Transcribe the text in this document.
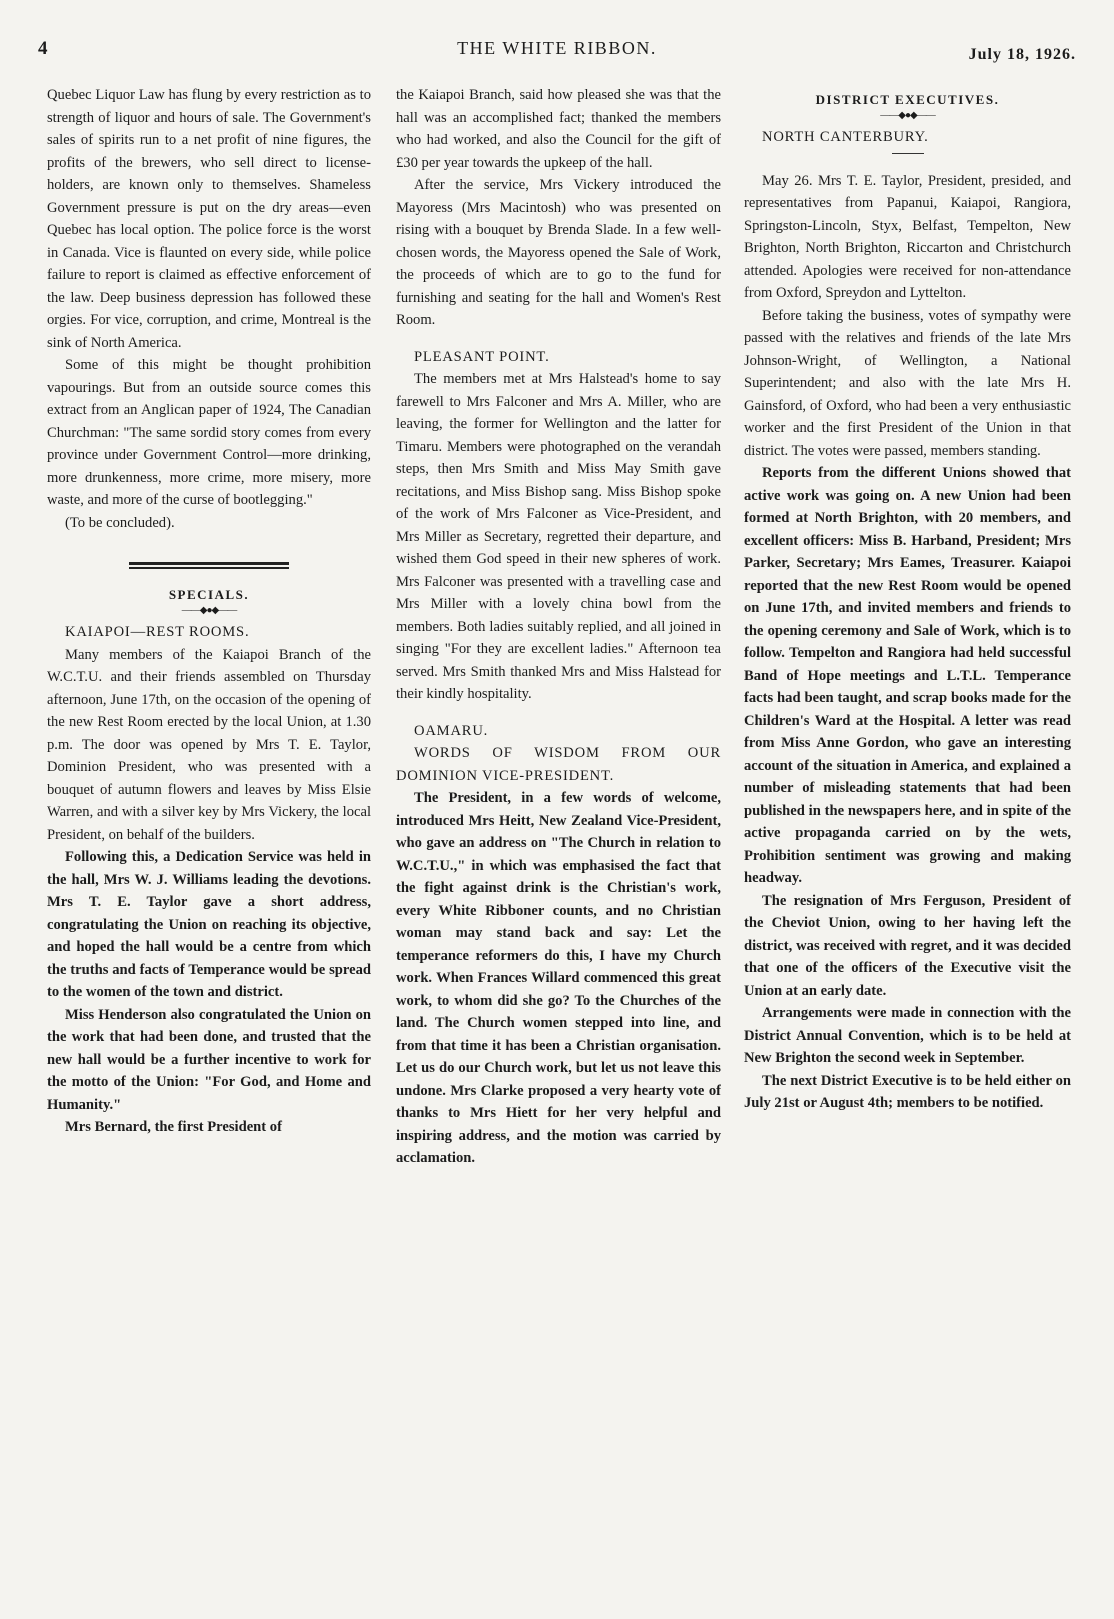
4	THE WHITE RIBBON.	July 18, 1926.

Quebec Liquor Law has flung by every restriction as to strength of liquor and hours of sale. The Government's sales of spirits run to a net profit of nine figures, the profits of the brewers, who sell direct to license-holders, are known only to themselves. Shameless Government pressure is put on the dry areas—even Quebec has local option. The police force is the worst in Canada. Vice is flaunted on every side, while police failure to report is claimed as effective enforcement of the law. Deep business depression has followed these orgies. For vice, corruption, and crime, Montreal is the sink of North America.

Some of this might be thought prohibition vapourings. But from an outside source comes this extract from an Anglican paper of 1924, The Canadian Churchman: "The same sordid story comes from every province under Government Control—more drinking, more drunkenness, more crime, more misery, more waste, and more of the curse of bootlegging."

(To be concluded).

SPECIALS.
——◆●◆——

KAIAPOI—REST ROOMS.

Many members of the Kaiapoi Branch of the W.C.T.U. and their friends assembled on Thursday afternoon, June 17th, on the occasion of the opening of the new Rest Room erected by the local Union, at 1.30 p.m. The door was opened by Mrs T. E. Taylor, Dominion President, who was presented with a bouquet of autumn flowers and leaves by Miss Elsie Warren, and with a silver key by Mrs Vickery, the local President, on behalf of the builders.

Following this, a Dedication Service was held in the hall, Mrs W. J. Williams leading the devotions. Mrs T. E. Taylor gave a short address, congratulating the Union on reaching its objective, and hoped the hall would be a centre from which the truths and facts of Temperance would be spread to the women of the town and district.

Miss Henderson also congratulated the Union on the work that had been done, and trusted that the new hall would be a further incentive to work for the motto of the Union: "For God, and Home and Humanity."

Mrs Bernard, the first President of

the Kaiapoi Branch, said how pleased she was that the hall was an accomplished fact; thanked the members who had worked, and also the Council for the gift of £30 per year towards the upkeep of the hall.

After the service, Mrs Vickery introduced the Mayoress (Mrs Macintosh) who was presented on rising with a bouquet by Brenda Slade. In a few well-chosen words, the Mayoress opened the Sale of Work, the proceeds of which are to go to the fund for furnishing and seating for the hall and Women's Rest Room.

PLEASANT POINT.

The members met at Mrs Halstead's home to say farewell to Mrs Falconer and Mrs A. Miller, who are leaving, the former for Wellington and the latter for Timaru. Members were photographed on the verandah steps, then Mrs Smith and Miss May Smith gave recitations, and Miss Bishop sang. Miss Bishop spoke of the work of Mrs Falconer as Vice-President, and Mrs Miller as Secretary, regretted their departure, and wished them God speed in their new spheres of work. Mrs Falconer was presented with a travelling case and Mrs Miller with a lovely china bowl from the members. Both ladies suitably replied, and all joined in singing "For they are excellent ladies." Afternoon tea served. Mrs Smith thanked Mrs and Miss Halstead for their kindly hospitality.

OAMARU.

WORDS OF WISDOM FROM OUR DOMINION VICE-PRESIDENT.

The President, in a few words of welcome, introduced Mrs Heitt, New Zealand Vice-President, who gave an address on "The Church in relation to W.C.T.U.," in which was emphasised the fact that the fight against drink is the Christian's work, every White Ribboner counts, and no Christian woman may stand back and say: Let the temperance reformers do this, I have my Church work. When Frances Willard commenced this great work, to whom did she go? To the Churches of the land. The Church women stepped into line, and from that time it has been a Christian organisation. Let us do our Church work, but let us not leave this undone. Mrs Clarke proposed a very hearty vote of thanks to Mrs Hiett for her very helpful and inspiring address, and the motion was carried by acclamation.

DISTRICT EXECUTIVES.
——◆●◆——

NORTH CANTERBURY.

May 26. Mrs T. E. Taylor, President, presided, and representatives from Papanui, Kaiapoi, Rangiora, Springston-Lincoln, Styx, Belfast, Tempelton, New Brighton, North Brighton, Riccarton and Christchurch attended. Apologies were received for non-attendance from Oxford, Spreydon and Lyttelton.

Before taking the business, votes of sympathy were passed with the relatives and friends of the late Mrs Johnson-Wright, of Wellington, a National Superintendent; and also with the late Mrs H. Gainsford, of Oxford, who had been a very enthusiastic worker and the first President of the Union in that district. The votes were passed, members standing.

Reports from the different Unions showed that active work was going on. A new Union had been formed at North Brighton, with 20 members, and excellent officers: Miss B. Harband, President; Mrs Parker, Secretary; Mrs Eames, Treasurer. Kaiapoi reported that the new Rest Room would be opened on June 17th, and invited members and friends to the opening ceremony and Sale of Work, which is to follow. Tempelton and Rangiora had held successful Band of Hope meetings and L.T.L. Temperance facts had been taught, and scrap books made for the Children's Ward at the Hospital. A letter was read from Miss Anne Gordon, who gave an interesting account of the situation in America, and explained a number of misleading statements that had been published in the newspapers here, and in spite of the active propaganda carried on by the wets, Prohibition sentiment was growing and making headway.

The resignation of Mrs Ferguson, President of the Cheviot Union, owing to her having left the district, was received with regret, and it was decided that one of the officers of the Executive visit the Union at an early date.

Arrangements were made in connection with the District Annual Convention, which is to be held at New Brighton the second week in September.

The next District Executive is to be held either on July 21st or August 4th; members to be notified.
